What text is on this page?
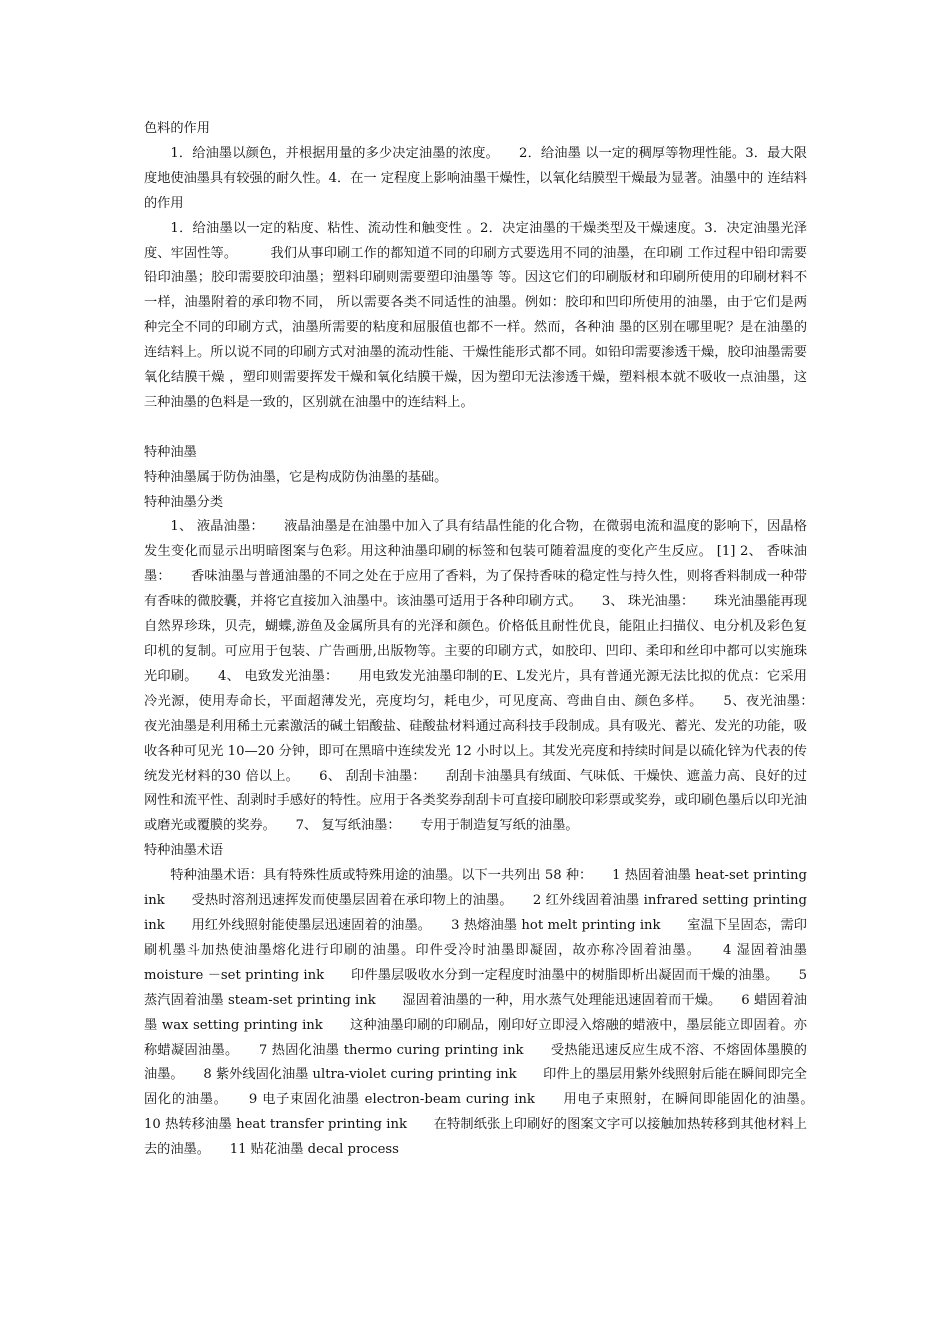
色料的作用

1．给油墨以颜色，并根据用量的多少决定油墨的浓度。　　2．给油墨 以一定的稠厚等物理性能。3．最大限度地使油墨具有较强的耐久性。4．在一 定程度上影响油墨干燥性，以氧化结膜型干燥最为显著。油墨中的 连结料的作用

1．给油墨以一定的粘度、粘性、流动性和触变性 。2．决定油墨的干燥类型及干燥速度。3．决定油墨光泽度、牢固性等。　　　我们从事印刷工作的都知道不同的印刷方式要选用不同的油墨，在印刷 工作过程中铅印需要铅印油墨；胶印需要胶印油墨；塑料印刷则需要塑印油墨等 等。因这它们的印刷版材和印刷所使用的印刷材料不一样，油墨附着的承印物不同， 所以需要各类不同适性的油墨。例如：胶印和凹印所使用的油墨，由于它们是两种完全不同的印刷方式，油墨所需要的粘度和屈服值也都不一样。然而，各种油 墨的区别在哪里呢？是在油墨的连结料上。所以说不同的印刷方式对油墨的流动性能、干燥性能形式都不同。如铅印需要渗透干燥，胶印油墨需要氧化结膜干燥 ，塑印则需要挥发干燥和氧化结膜干燥，因为塑印无法渗透干燥，塑料根本就不吸收一点油墨，这三种油墨的色料是一致的，区别就在油墨中的连结料上。

特种油墨

特种油墨属于防伪油墨，它是构成防伪油墨的基础。

特种油墨分类

1、 液晶油墨：　　液晶油墨是在油墨中加入了具有结晶性能的化合物，在微弱电流和温度的影响下，因晶格发生变化而显示出明暗图案与色彩。用这种油墨印刷的标签和包装可随着温度的变化产生反应。 [1] 2、 香味油墨：　　香味油墨与普通油墨的不同之处在于应用了香料，为了保持香味的稳定性与持久性，则将香料制成一种带有香味的微胶囊，并将它直接加入油墨中。该油墨可适用于各种印刷方式。　　3、 珠光油墨：　　珠光油墨能再现自然界珍珠，贝壳，蝴蝶,游鱼及金属所具有的光泽和颜色。价格低且耐性优良，能阻止扫描仪、电分机及彩色复印机的复制。可应用于包装、广告画册,出版物等。主要的印刷方式，如胶印、凹印、柔印和丝印中都可以实施珠光印刷。　　4、 电致发光油墨：　　用电致发光油墨印制的E、L发光片，具有普通光源无法比拟的优点：它采用冷光源，使用寿命长，平面超薄发光，亮度均匀，耗电少，可见度高、弯曲自由、颜色多样。　　5、夜光油墨：　　夜光油墨是利用稀土元素激活的碱土铝酸盐、硅酸盐材料通过高科技手段制成。具有吸光、蓄光、发光的功能，吸收各种可见光 10—20 分钟，即可在黑暗中连续发光 12 小时以上。其发光亮度和持续时间是以硫化锌为代表的传统发光材料的30 倍以上。　　6、 刮刮卡油墨：　　刮刮卡油墨具有绒面、气味低、干燥快、遮盖力高、良好的过网性和流平性、刮剥时手感好的特性。应用于各类奖券刮刮卡可直接印刷胶印彩票或奖券，或印刷色墨后以印光油或磨光或覆膜的奖券。　　7、 复写纸油墨：　　专用于制造复写纸的油墨。

特种油墨术语

特种油墨术语：具有特殊性质或特殊用途的油墨。以下一共列出 58 种：　　1 热固着油墨 heat-set printing ink　　受热时溶剂迅速挥发而使墨层固着在承印物上的油墨。　　2 红外线固着油墨 infrared setting printing ink　　用红外线照射能使墨层迅速固着的油墨。　　3 热熔油墨 hot melt printing ink　　室温下呈固态，需印刷机墨斗加热使油墨熔化进行印刷的油墨。印件受冷时油墨即凝固，故亦称冷固着油墨。　　4 湿固着油墨 moisture －set printing ink　　印件墨层吸收水分到一定程度时油墨中的树脂即析出凝固而干燥的油墨。　　5 蒸汽固着油墨 steam-set printing ink　　湿固着油墨的一种，用水蒸气处理能迅速固着而干燥。　　6 蜡固着油墨 wax setting printing ink　　这种油墨印刷的印刷品，刚印好立即浸入熔融的蜡液中，墨层能立即固着。亦称蜡凝固油墨。　　7 热固化油墨 thermo curing printing ink　　受热能迅速反应生成不溶、不熔固体墨膜的油墨。　　8 紫外线固化油墨 ultra-violet curing printing ink　　印件上的墨层用紫外线照射后能在瞬间即完全固化的油墨。　　9 电子束固化油墨 electron-beam curing ink　　用电子束照射，在瞬间即能固化的油墨。　　10 热转移油墨 heat transfer printing ink　　在特制纸张上印刷好的图案文字可以接触加热转移到其他材料上去的油墨。　　11 贴花油墨 decal process
